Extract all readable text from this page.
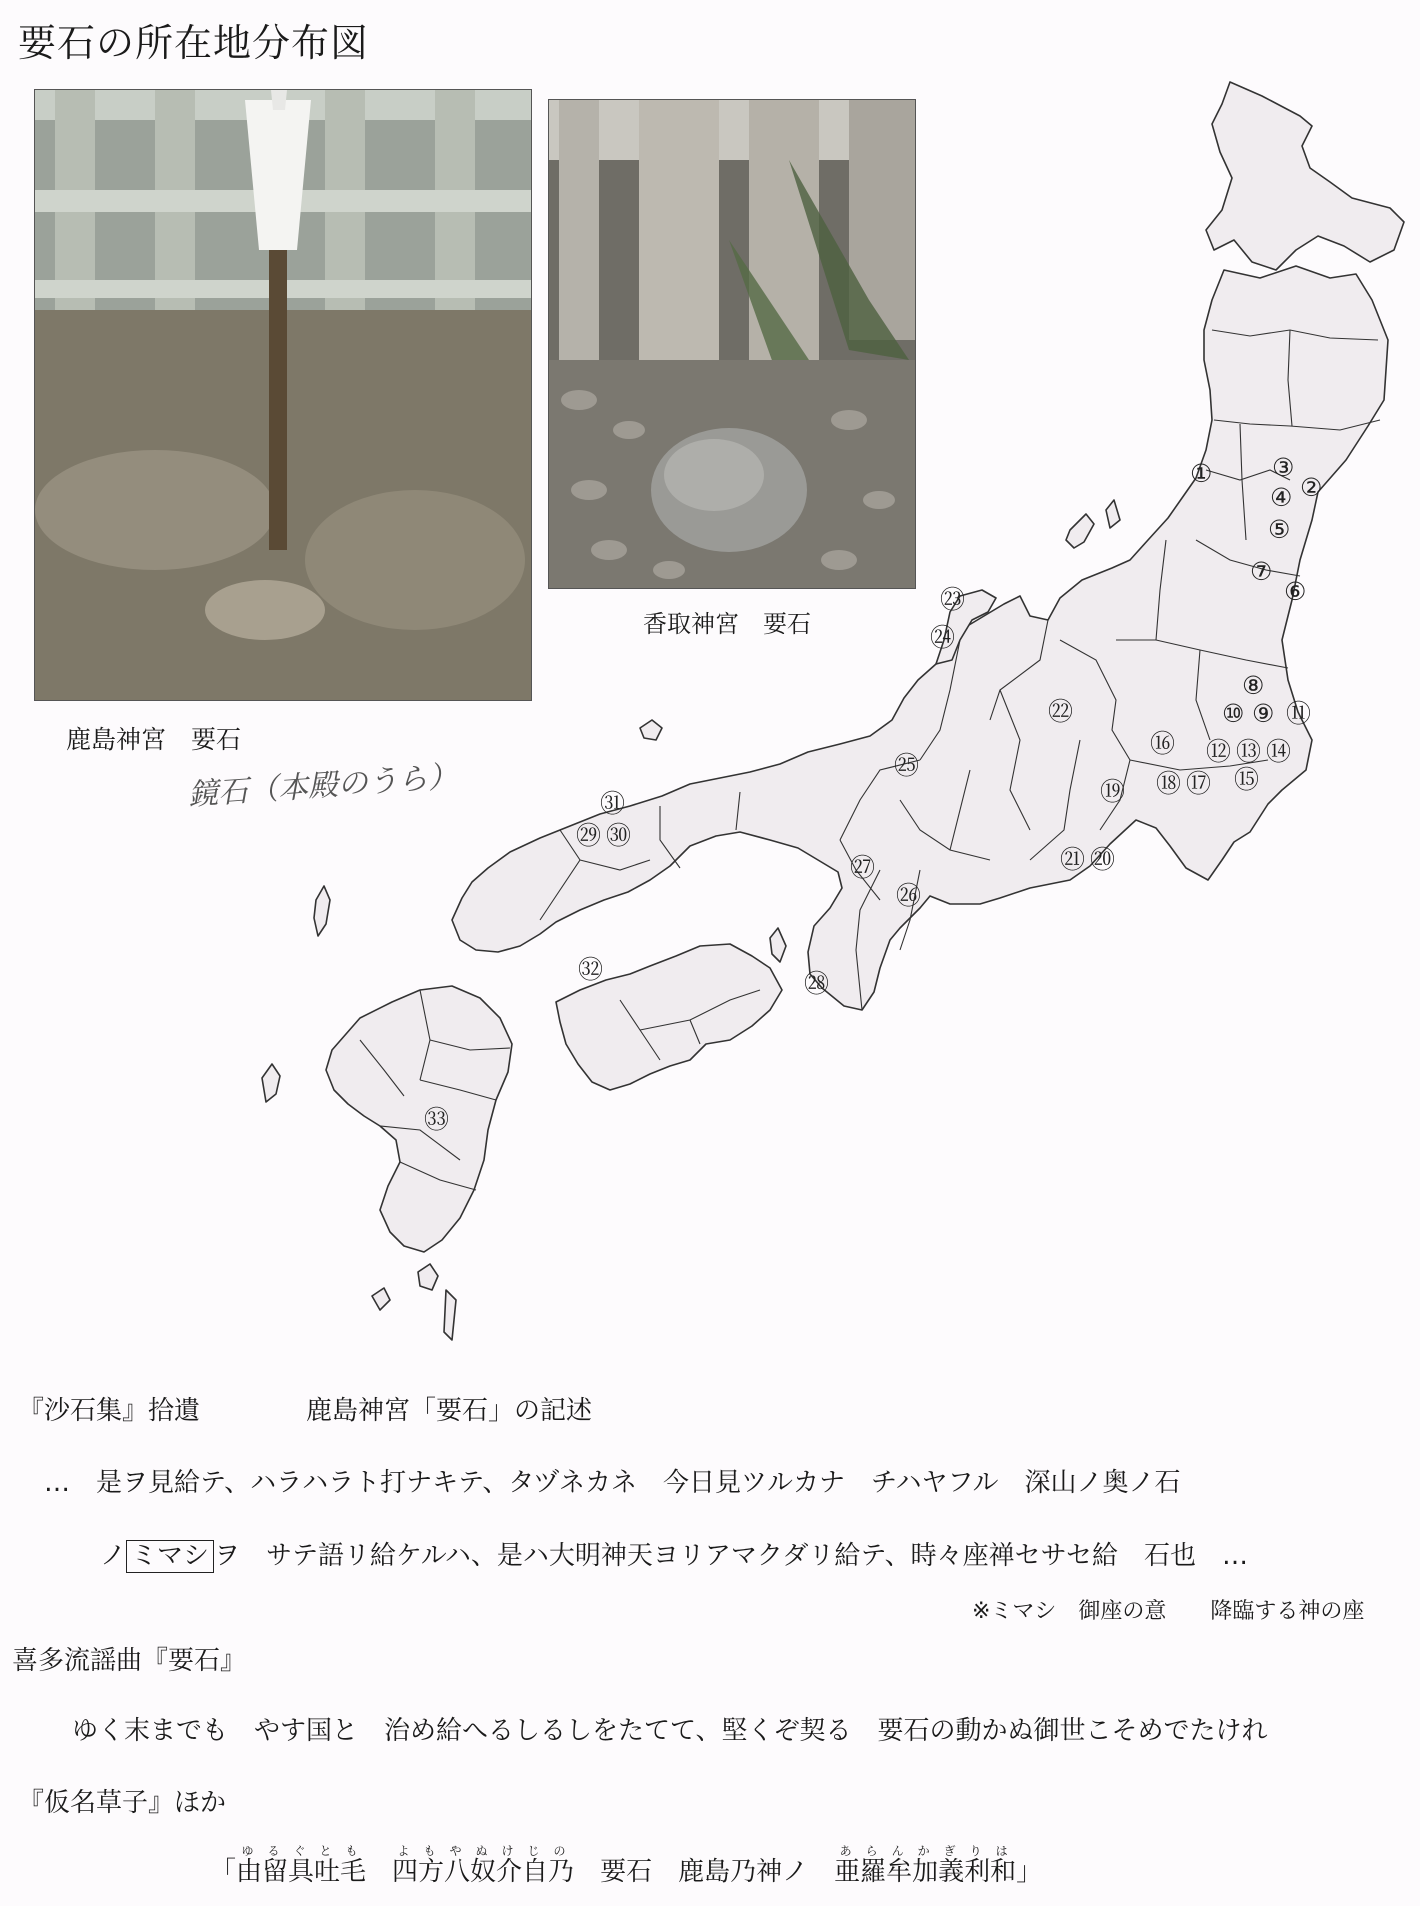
要石の所在地分布図
①	②
③
④
⑤
⑥
⑦
⑧
⑨
⑩ ⑪
⑫ ⑬ ⑭
⑮
⑯
⑰
⑱
⑲
⑳
㉑
㉒
㉓
㉔
㉕
㉖
㉗
㉘
㉙ ㉚
㉛
㉜
㉝
鹿島神宮　要石
鏡石（本殿のうら）
香取神宮　要石
『沙石集』拾遺	鹿島神宮「要石」の記述
…　是ヲ見給テ、ハラハラト打ナキテ、タヅネカネ　今日見ツルカナ　チハヤフル　深山ノ奥ノ石
ノ ミマシ ヲ　サテ語リ給ケルハ、是ハ大明神天ヨリアマクダリ給テ、時々座禅セサセ給　石也　…
※ミマシ　御座の意　　降臨する神の座
喜多流謡曲『要石』
ゆく末までも　やす国と　治め給へるしるしをたてて、堅くぞ契る　要石の動かぬ御世こそめでたけれ
『仮名草子』ほか
「由留具吐毛ゆるぐとも　四方八奴介自乃よもやぬけじの　要石　鹿島乃神ノ　 亜羅牟加義利和あらんかぎりは」
